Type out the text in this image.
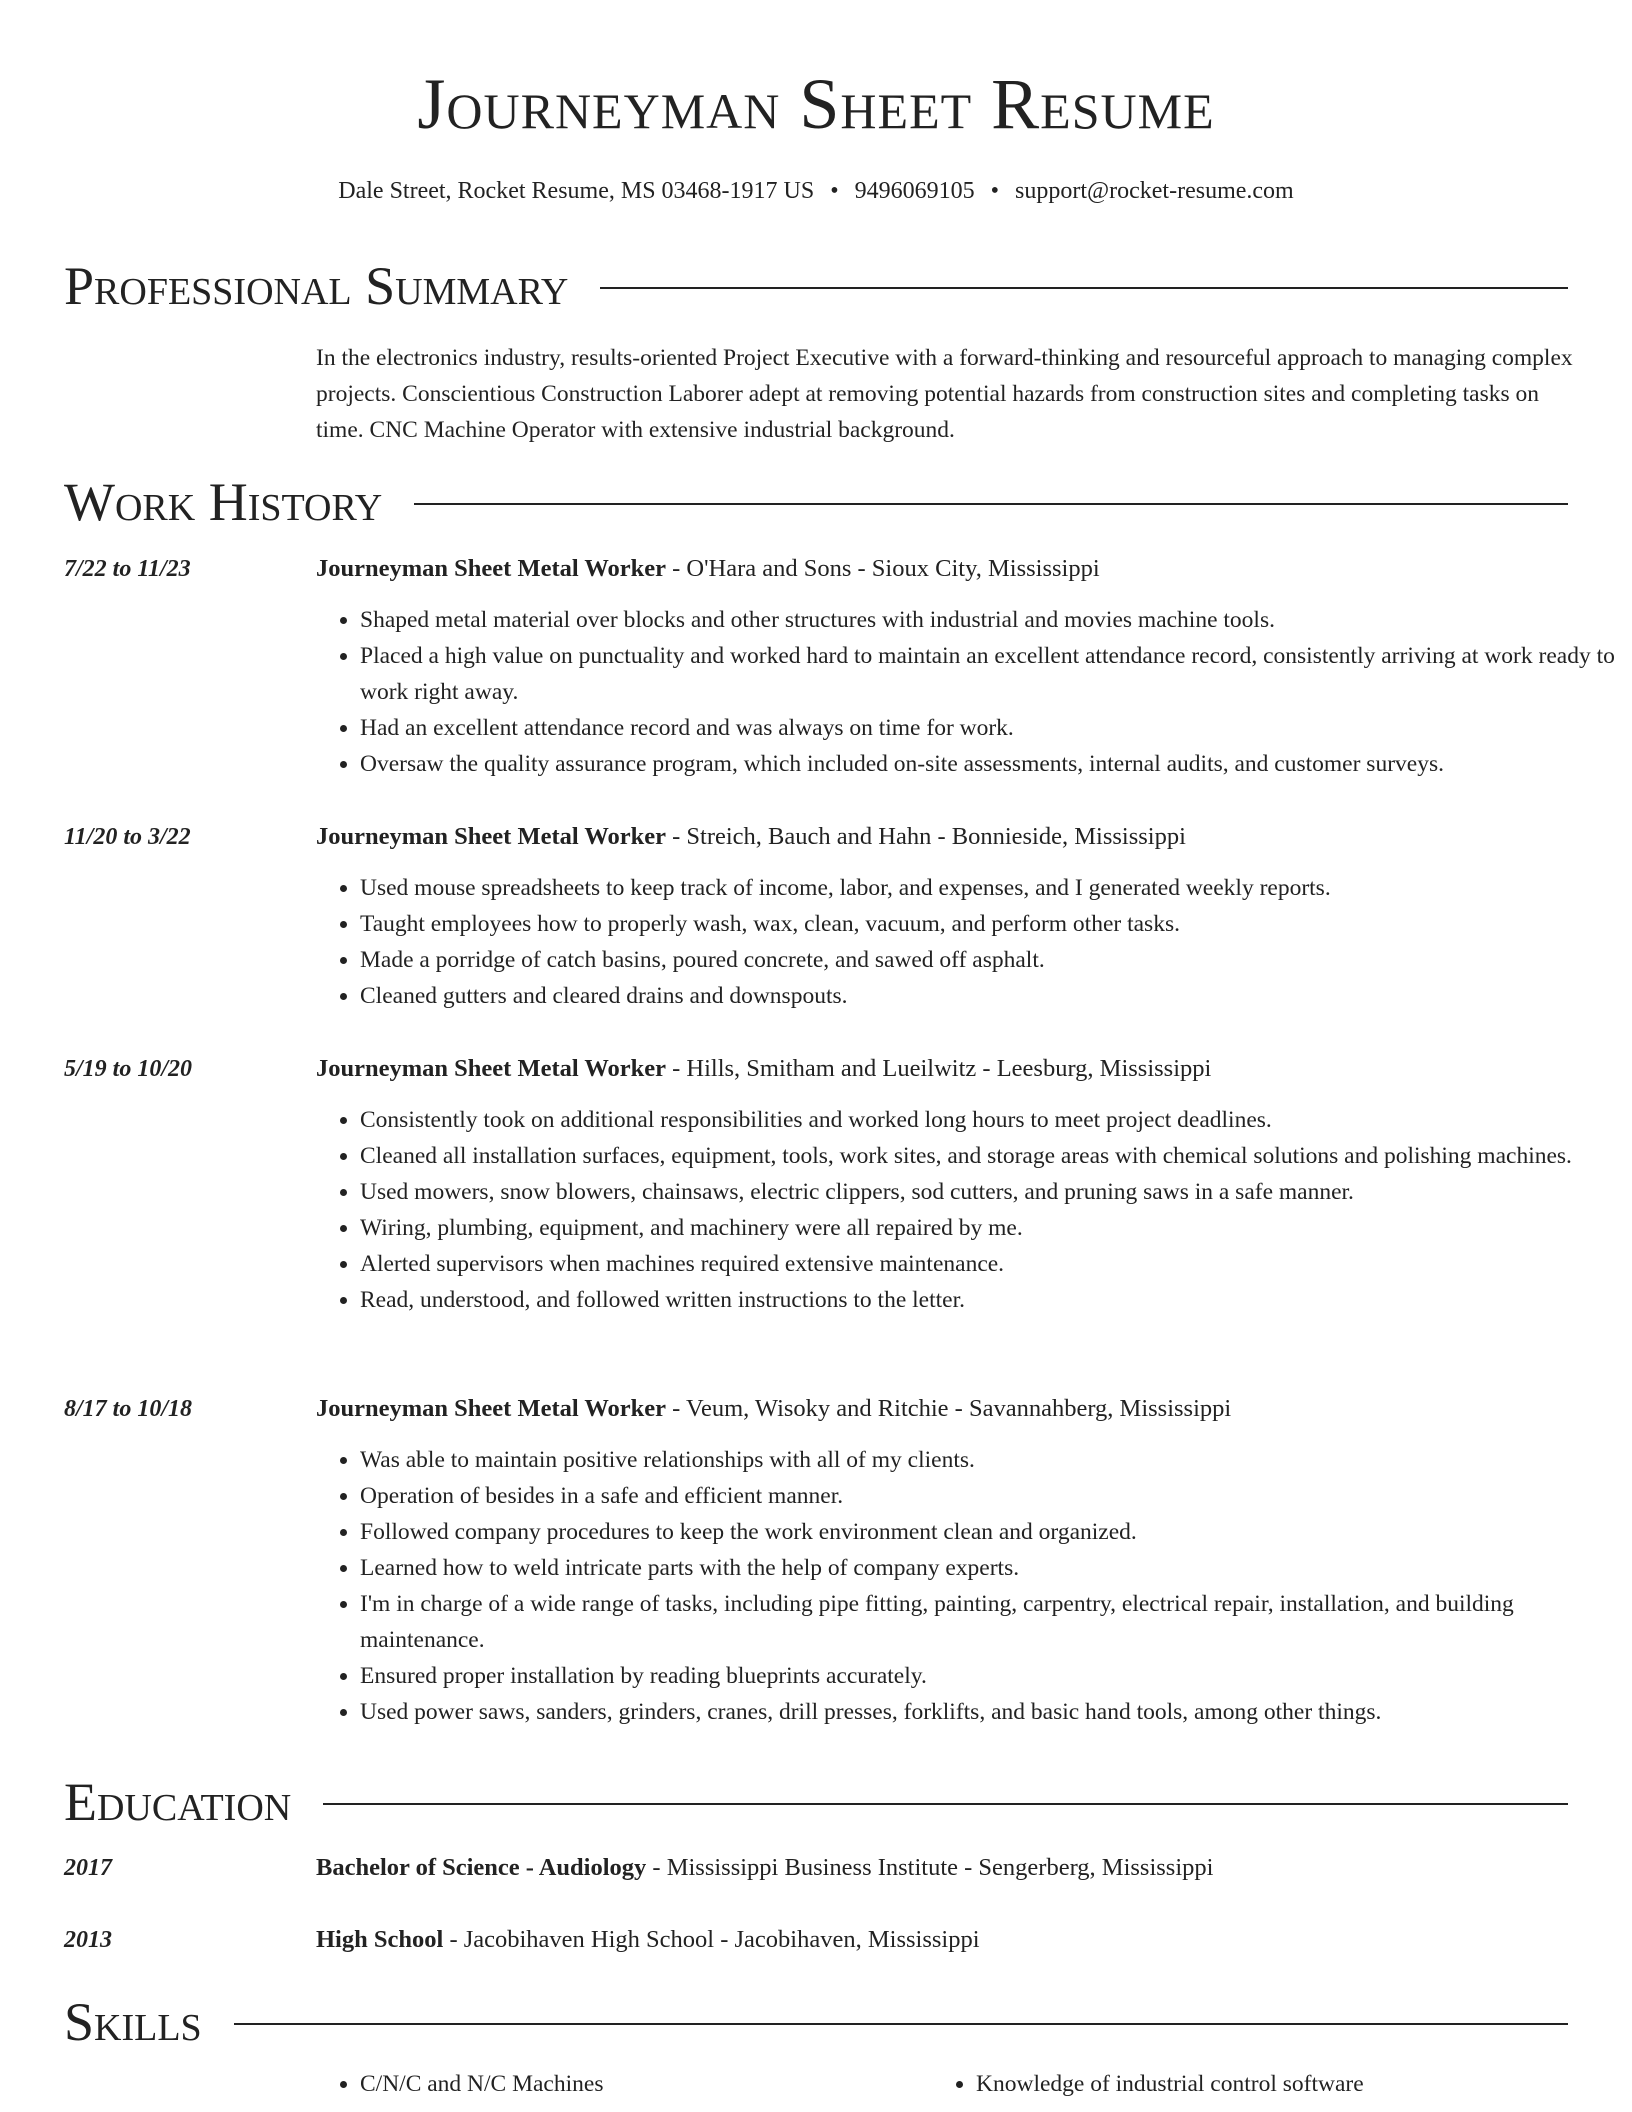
Journeyman Sheet Resume
Dale Street, Rocket Resume, MS 03468-1917 US • 9496069105 • support@rocket-resume.com
Professional Summary
In the electronics industry, results-oriented Project Executive with a forward-thinking and resourceful approach to managing complex projects. Conscientious Construction Laborer adept at removing potential hazards from construction sites and completing tasks on time. CNC Machine Operator with extensive industrial background.
Work History
7/22 to 11/23	Journeyman Sheet Metal Worker - O'Hara and Sons - Sioux City, Mississippi
• Shaped metal material over blocks and other structures with industrial and movies machine tools.
• Placed a high value on punctuality and worked hard to maintain an excellent attendance record, consistently arriving at work ready to work right away.
• Had an excellent attendance record and was always on time for work.
• Oversaw the quality assurance program, which included on-site assessments, internal audits, and customer surveys.
11/20 to 3/22	Journeyman Sheet Metal Worker - Streich, Bauch and Hahn - Bonnieside, Mississippi
• Used mouse spreadsheets to keep track of income, labor, and expenses, and I generated weekly reports.
• Taught employees how to properly wash, wax, clean, vacuum, and perform other tasks.
• Made a porridge of catch basins, poured concrete, and sawed off asphalt.
• Cleaned gutters and cleared drains and downspouts.
5/19 to 10/20	Journeyman Sheet Metal Worker - Hills, Smitham and Lueilwitz - Leesburg, Mississippi
• Consistently took on additional responsibilities and worked long hours to meet project deadlines.
• Cleaned all installation surfaces, equipment, tools, work sites, and storage areas with chemical solutions and polishing machines.
• Used mowers, snow blowers, chainsaws, electric clippers, sod cutters, and pruning saws in a safe manner.
• Wiring, plumbing, equipment, and machinery were all repaired by me.
• Alerted supervisors when machines required extensive maintenance.
• Read, understood, and followed written instructions to the letter.
8/17 to 10/18	Journeyman Sheet Metal Worker - Veum, Wisoky and Ritchie - Savannahberg, Mississippi
• Was able to maintain positive relationships with all of my clients.
• Operation of besides in a safe and efficient manner.
• Followed company procedures to keep the work environment clean and organized.
• Learned how to weld intricate parts with the help of company experts.
• I'm in charge of a wide range of tasks, including pipe fitting, painting, carpentry, electrical repair, installation, and building maintenance.
• Ensured proper installation by reading blueprints accurately.
• Used power saws, sanders, grinders, cranes, drill presses, forklifts, and basic hand tools, among other things.
Education
2017	Bachelor of Science - Audiology - Mississippi Business Institute - Sengerberg, Mississippi
2013	High School - Jacobihaven High School - Jacobihaven, Mississippi
Skills
• C/N/C and N/C Machines
•	Knowledge of industrial control software
